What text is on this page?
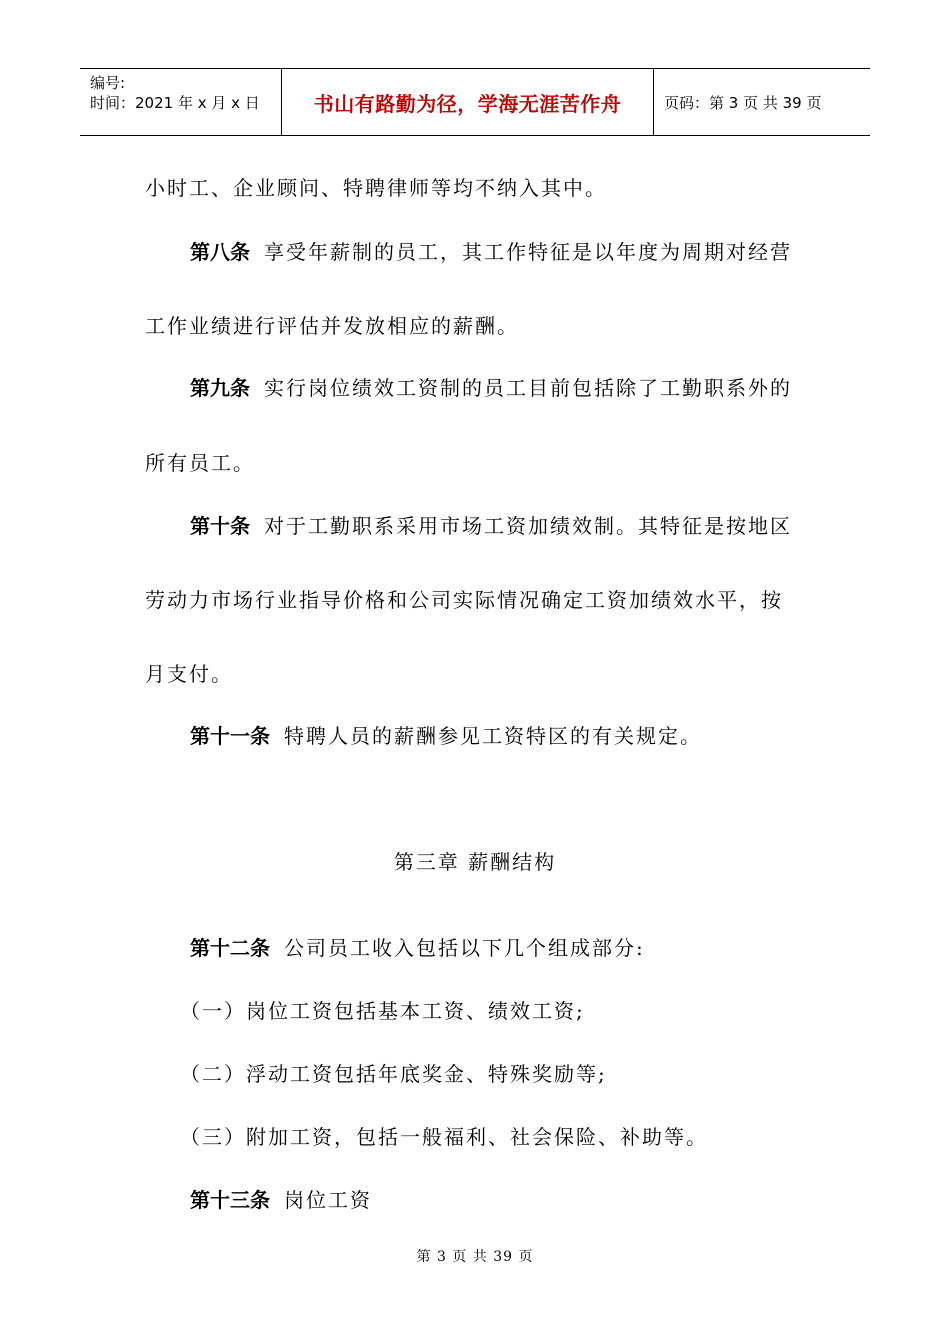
编号:
时间：2021 年 x 月 x 日	书山有路勤为径，学海无涯苦作舟	页码：第 3 页 共 39 页
小时工、企业顾问、特聘律师等均不纳入其中。
第八条 享受年薪制的员工，其工作特征是以年度为周期对经营
工作业绩进行评估并发放相应的薪酬。
第九条 实行岗位绩效工资制的员工目前包括除了工勤职系外的
所有员工。
第十条 对于工勤职系采用市场工资加绩效制。其特征是按地区
劳动力市场行业指导价格和公司实际情况确定工资加绩效水平，按
月支付。
第十一条 特聘人员的薪酬参见工资特区的有关规定。
第三章 薪酬结构
第十二条 公司员工收入包括以下几个组成部分:
（一）岗位工资包括基本工资、绩效工资;
（二）浮动工资包括年底奖金、特殊奖励等;
（三）附加工资，包括一般福利、社会保险、补助等。
第十三条 岗位工资
第 3 页 共 39 页
